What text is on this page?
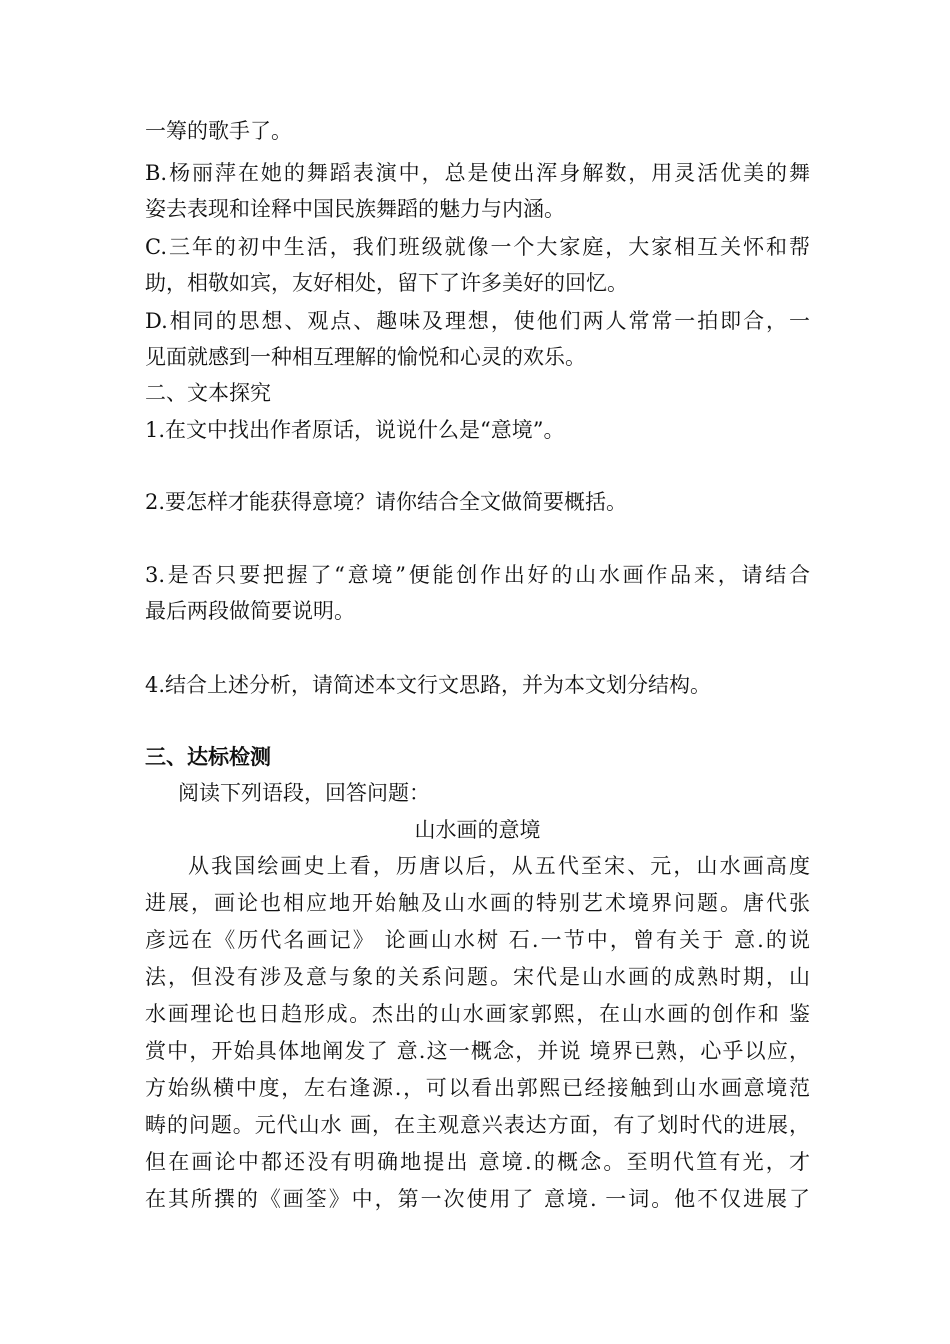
一筹的歌手了。
B.杨丽萍在她的舞蹈表演中，总是使出浑身解数，用灵活优美的舞
姿去表现和诠释中国民族舞蹈的魅力与内涵。
C.三年的初中生活，我们班级就像一个大家庭，大家相互关怀和帮
助，相敬如宾，友好相处，留下了许多美好的回忆。
D.相同的思想、观点、趣味及理想，使他们两人常常一拍即合，一
见面就感到一种相互理解的愉悦和心灵的欢乐。
二、文本探究
1.在文中找出作者原话，说说什么是“意境”。
2.要怎样才能获得意境？请你结合全文做简要概括。
3.是否只要把握了“意境”便能创作出好的山水画作品来，请结合
最后两段做简要说明。
4.结合上述分析，请简述本文行文思路，并为本文划分结构。
三、达标检测
阅读下列语段，回答问题：
山水画的意境
从我国绘画史上看，历唐以后，从五代至宋、元，山水画高度
进展，画论也相应地开始触及山水画的特别艺术境界问题。唐代张
彦远在《历代名画记》 论画山水树 石.一节中，曾有关于 意.的说
法，但没有涉及意与象的关系问题。宋代是山水画的成熟时期，山
水画理论也日趋形成。杰出的山水画家郭熙，在山水画的创作和 鉴
赏中，开始具体地阐发了 意.这一概念，并说 境界已熟，心乎以应，
方始纵横中度，左右逢源.，可以看出郭熙已经接触到山水画意境范
畴的问题。元代山水 画，在主观意兴表达方面，有了划时代的进展，
但在画论中都还没有明确地提出 意境.的概念。至明代笪有光，才
在其所撰的《画筌》中，第一次使用了 意境. 一词。他不仅进展了
